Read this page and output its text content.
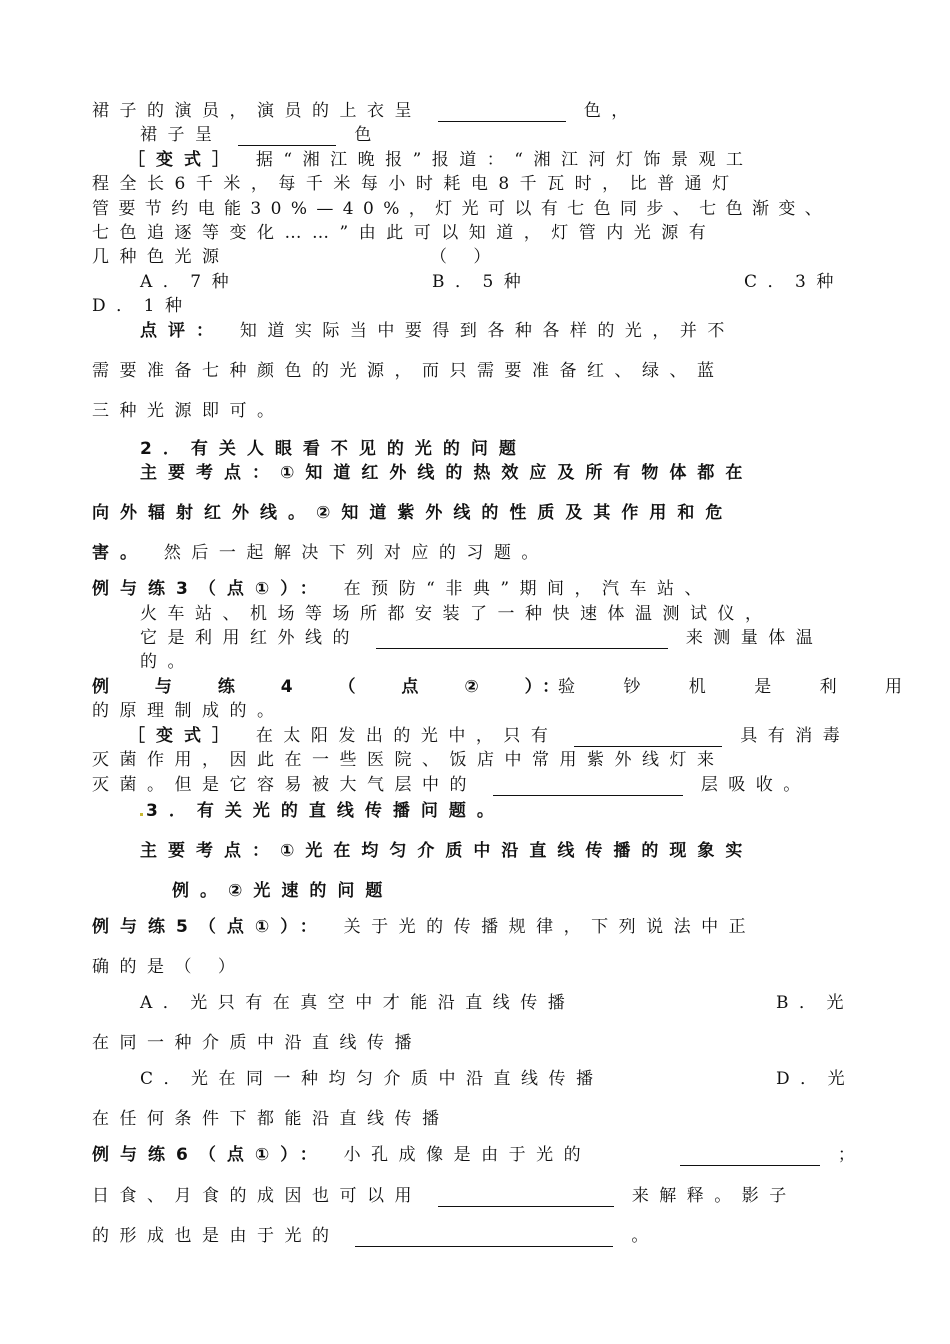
裙子的演员，演员的上衣呈	色，
裙子呈	色
［变式］ 据“湘江晚报”报道：“湘江河灯饰景观工
程全长6千米，每千米每小时耗电8千瓦时，比普通灯
管要节约电能30%—40%，灯光可以有七色同步、七色渐变、
七色追逐等变化……”由此可以知道，灯管内光源有
几种色光源	（ ）
A．7种	B．5种	C．3种
D．1种
点评： 知道实际当中要得到各种各样的光，并不
需要准备七种颜色的光源，而只需要准备红、绿、蓝
三种光源即可。
2．有关人眼看不见的光的问题
主要考点：①知道红外线的热效应及所有物体都在
向外辐射红外线。②知道紫外线的性质及其作用和危
害。 然后一起解决下列对应的习题。
例与练3（点①）： 在预防“非典”期间，汽车站、
火车站、机场等场所都安装了一种快速体温测试仪，
它是利用红外线的	来测量体温
的。
例 与 练 4 （ 点 ② ）：
验 钞 机 是 利 用
的原理制成的。
［变式］ 在太阳发出的光中，只有	具有消毒
灭菌作用，因此在一些医院、饭店中常用紫外线灯来
灭菌。但是它容易被大气层中的	层吸收。
3．有关光的直线传播问题。
主要考点：①光在均匀介质中沿直线传播的现象实
例。②光速的问题
例与练5（点①）： 关于光的传播规律，下列说法中正
确的是（ ）
A．光只有在真空中才能沿直线传播	B．光
在同一种介质中沿直线传播
C．光在同一种均匀介质中沿直线传播	D．光
在任何条件下都能沿直线传播
例与练6（点①）： 小孔成像是由于光的	；
日食、月食的成因也可以用	来解释。影子
的形成也是由于光的	。
